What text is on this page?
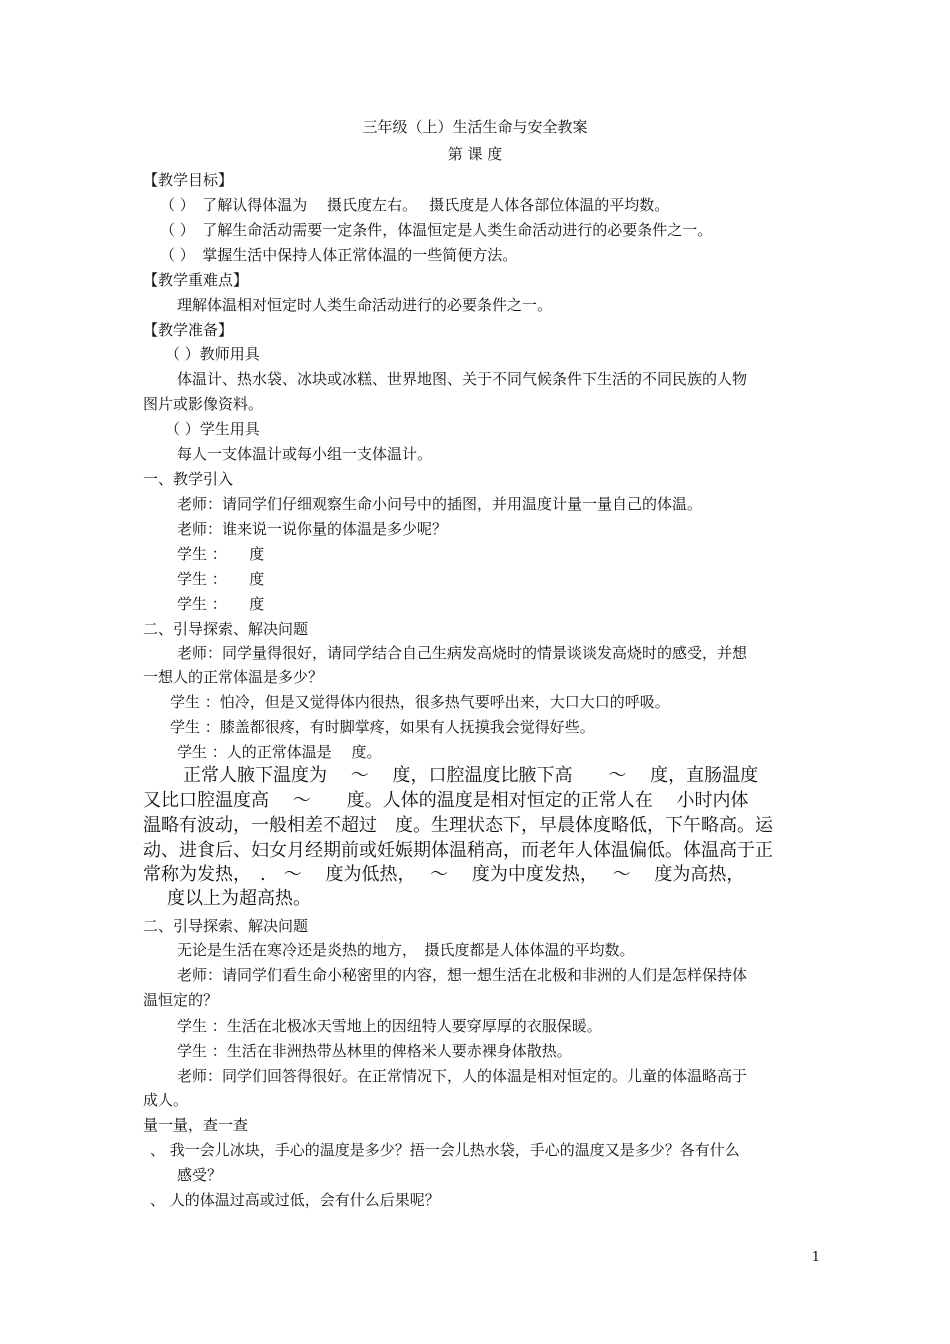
三年级（上）生活生命与安全教案
第 课 度
【教学目标】
（ ）　了解认得体温为　 摄氏度左右。　 摄氏度是人体各部位体温的平均数。
（ ）　了解生命活动需要一定条件，体温恒定是人类生命活动进行的必要条件之一。
（ ）　掌握生活中保持人体正常体温的一些简便方法。
【教学重难点】
理解体温相对恒定时人类生命活动进行的必要条件之一。
【教学准备】
（ ）教师用具
体温计、热水袋、冰块或冰糕、世界地图、关于不同气候条件下生活的不同民族的人物
图片或影像资料。
（ ）学生用具
每人一支体温计或每小组一支体温计。
一、教学引入
老师：请同学们仔细观察生命小问号中的插图，并用温度计量一量自己的体温。
老师：谁来说一说你量的体温是多少呢？
学生 ：　　度
学生 ：　　度
学生 ：　　度
二、引导探索、解决问题
老师：同学量得很好，请同学结合自己生病发高烧时的情景谈谈发高烧时的感受，并想
一想人的正常体温是多少？
学生 ：怕冷，但是又觉得体内很热，很多热气要呼出来，大口大口的呼吸。
学生 ：膝盖都很疼，有时脚掌疼，如果有人抚摸我会觉得好些。
学生 ：人的正常体温是　 度。
正常人腋下温度为　 ～　 度，口腔温度比腋下高　　～　 度，直肠温度
又比口腔温度高　 ～　　度。人体的温度是相对恒定的正常人在　 小时内体
温略有波动，一般相差不超过　度。生理状态下，早晨体度略低，下午略高。运
动、进食后、妇女月经期前或妊娠期体温稍高，而老年人体温偏低。体温高于正
常称为发热，　.　～　 度为低热，　 ～　 度为中度发热，　 ～　 度为高热，
度以上为超高热。
二、引导探索、解决问题
无论是生活在寒冷还是炎热的地方，　摄氏度都是人体体温的平均数。
老师：请同学们看生命小秘密里的内容，想一想生活在北极和非洲的人们是怎样保持体
温恒定的？
学生 ：生活在北极冰天雪地上的因纽特人要穿厚厚的衣服保暖。
学生 ：生活在非洲热带丛林里的俾格米人要赤裸身体散热。
老师：同学们回答得很好。在正常情况下，人的体温是相对恒定的。儿童的体温略高于
成人。
量一量，查一查
、 我一会儿冰块，手心的温度是多少？捂一会儿热水袋，手心的温度又是多少？各有什么
感受？
、 人的体温过高或过低，会有什么后果呢？
1
